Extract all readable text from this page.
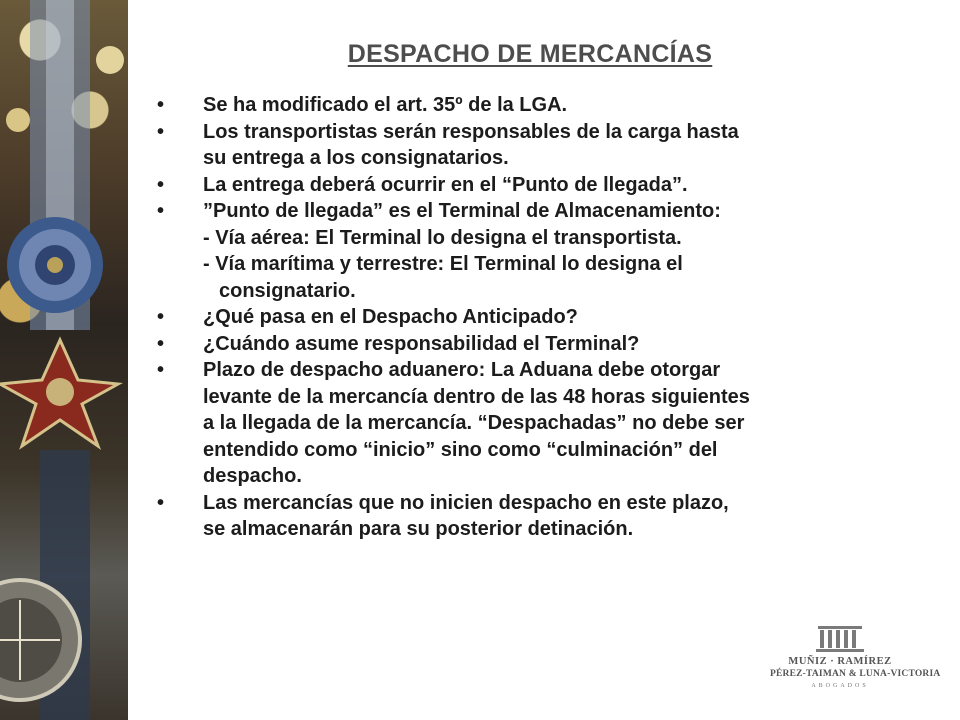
DESPACHO DE MERCANCÍAS
• Se ha modificado el art. 35º de la LGA.
• Los transportistas serán responsables de la carga hasta
su entrega a los consignatarios.
• La entrega deberá ocurrir en el “Punto de llegada”.
• ”Punto de llegada” es el Terminal de Almacenamiento:
- Vía aérea: El Terminal lo designa el transportista.
- Vía marítima y terrestre: El Terminal lo designa el
consignatario.
• ¿Qué pasa en el Despacho Anticipado?
• ¿Cuándo asume responsabilidad el Terminal?
• Plazo de despacho aduanero: La Aduana debe otorgar
levante de la mercancía dentro de las 48 horas siguientes
a la llegada de la mercancía. “Despachadas” no debe ser
entendido como “inicio” sino como “culminación” del
despacho.
• Las mercancías que no inicien despacho en este plazo,
se almacenarán para su posterior detinación.
MUÑIZ · RAMÍREZ
PÉREZ-TAIMAN & LUNA-VICTORIA
ABOGADOS
